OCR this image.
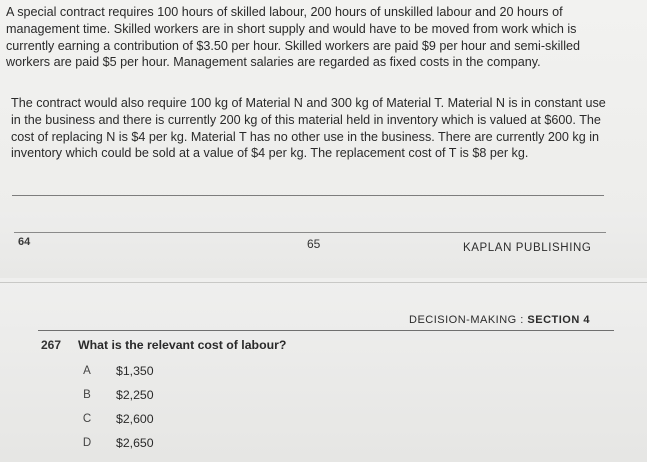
A special contract requires 100 hours of skilled labour, 200 hours of unskilled labour and 20 hours of management time. Skilled workers are in short supply and would have to be moved from work which is currently earning a contribution of $3.50 per hour. Skilled workers are paid $9 per hour and semi-skilled workers are paid $5 per hour. Management salaries are regarded as fixed costs in the company.

The contract would also require 100 kg of Material N and 300 kg of Material T. Material N is in constant use in the business and there is currently 200 kg of this material held in inventory which is valued at $600. The cost of replacing N is $4 per kg. Material T has no other use in the business. There are currently 200 kg in inventory which could be sold at a value of $4 per kg. The replacement cost of T is $8 per kg.

64	65	KAPLAN PUBLISHING
DECISION-MAKING : SECTION 4
267 What is the relevant cost of labour?
A $1,350
B $2,250
C $2,600
D $2,650
